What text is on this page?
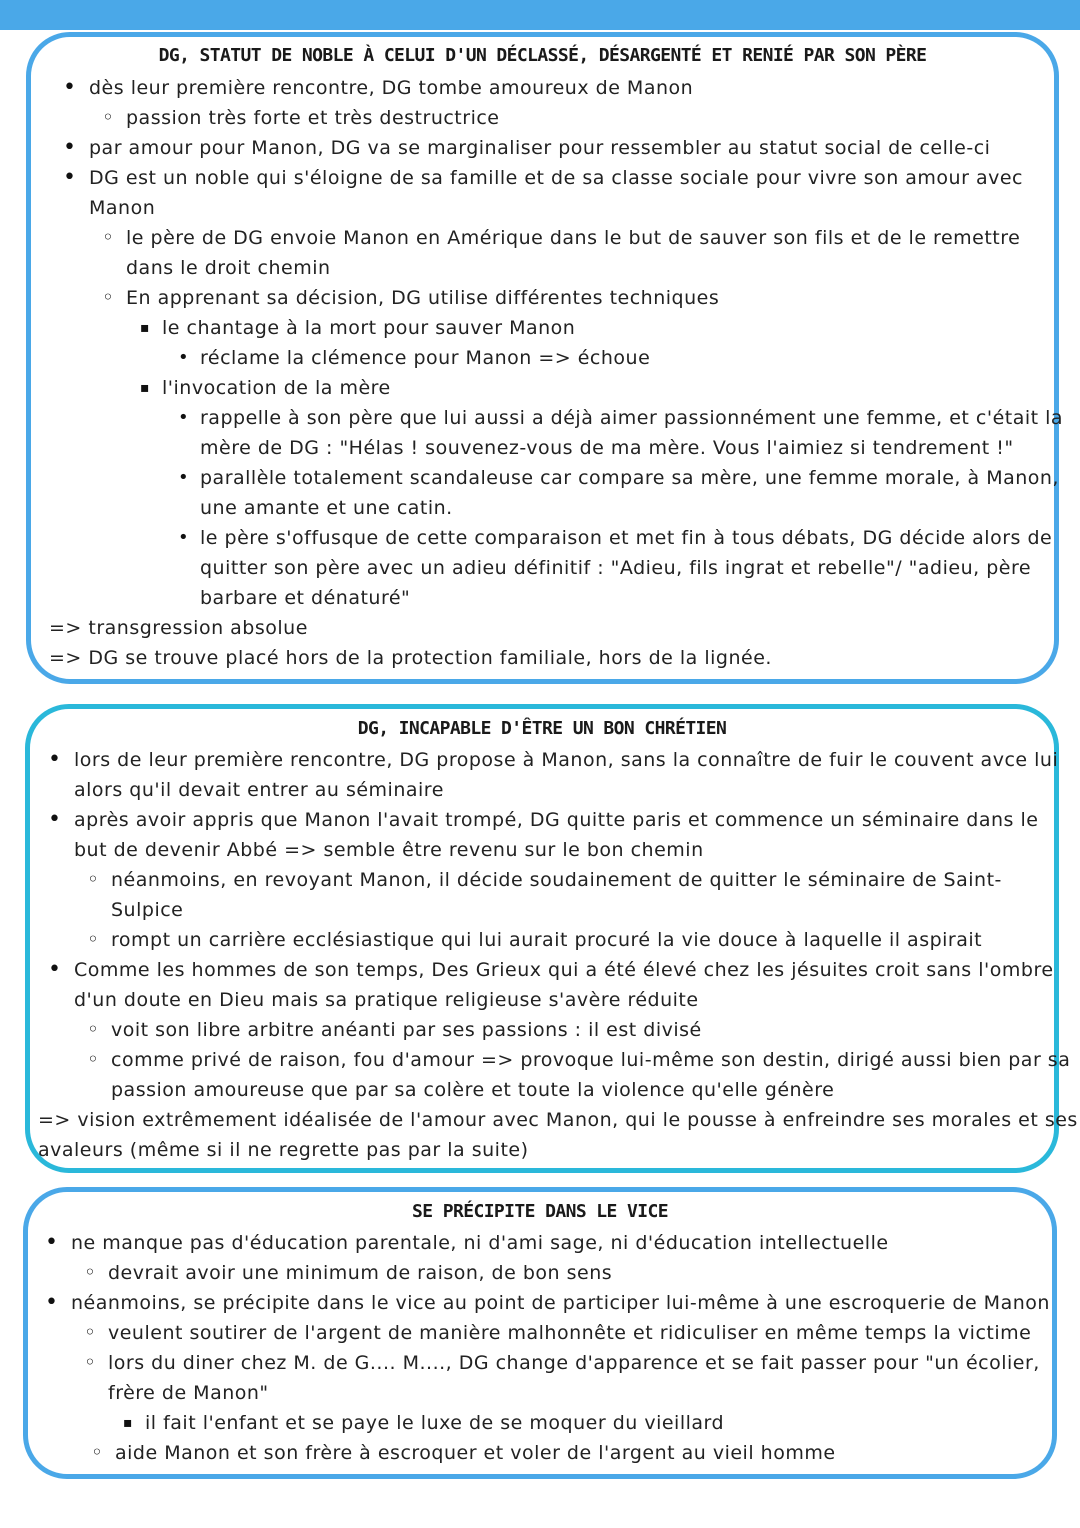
DG, STATUT DE NOBLE À CELUI D'UN DÉCLASSÉ, DÉSARGENTÉ ET RENIÉ PAR SON PÈRE
• dès leur première rencontre, DG tombe amoureux de Manon
◦ passion très forte et très destructrice
• par amour pour Manon, DG va se marginaliser pour ressembler au statut social de celle-ci
• DG est un noble qui s'éloigne de sa famille et de sa classe sociale pour vivre son amour avec
Manon
◦ le père de DG envoie Manon en Amérique dans le but de sauver son fils et de le remettre
dans le droit chemin
◦ En apprenant sa décision, DG utilise différentes techniques
▪ le chantage à la mort pour sauver Manon
• réclame la clémence pour Manon => échoue
▪ l'invocation de la mère
• rappelle à son père que lui aussi a déjà aimer passionnément une femme, et c'était la
mère de DG : "Hélas ! souvenez-vous de ma mère. Vous l'aimiez si tendrement !"
• parallèle totalement scandaleuse car compare sa mère, une femme morale, à Manon,
une amante et une catin.
• le père s'offusque de cette comparaison et met fin à tous débats, DG décide alors de
quitter son père avec un adieu définitif : "Adieu, fils ingrat et rebelle"/ "adieu, père
barbare et dénaturé"
=> transgression absolue
=> DG se trouve placé hors de la protection familiale, hors de la lignée.
DG, INCAPABLE D'ÊTRE UN BON CHRÉTIEN
• lors de leur première rencontre, DG propose à Manon, sans la connaître de fuir le couvent avce lui
alors qu'il devait entrer au séminaire
• après avoir appris que Manon l'avait trompé, DG quitte paris et commence un séminaire dans le
but de devenir Abbé => semble être revenu sur le bon chemin
◦ néanmoins, en revoyant Manon, il décide soudainement de quitter le séminaire de Saint-
Sulpice
◦ rompt un carrière ecclésiastique qui lui aurait procuré la vie douce à laquelle il aspirait
• Comme les hommes de son temps, Des Grieux qui a été élevé chez les jésuites croit sans l'ombre
d'un doute en Dieu mais sa pratique religieuse s'avère réduite
◦ voit son libre arbitre anéanti par ses passions : il est divisé
◦ comme privé de raison, fou d'amour => provoque lui-même son destin, dirigé aussi bien par sa
passion amoureuse que par sa colère et toute la violence qu'elle génère
=> vision extrêmement idéalisée de l'amour avec Manon, qui le pousse à enfreindre ses morales et ses
avaleurs (même si il ne regrette pas par la suite)
SE PRÉCIPITE DANS LE VICE
• ne manque pas d'éducation parentale, ni d'ami sage, ni d'éducation intellectuelle
◦ devrait avoir une minimum de raison, de bon sens
• néanmoins, se précipite dans le vice au point de participer lui-même à une escroquerie de Manon
◦ veulent soutirer de l'argent de manière malhonnête et ridiculiser en même temps la victime
◦ lors du diner chez M. de G.... M...., DG change d'apparence et se fait passer pour "un écolier,
frère de Manon"
▪ il fait l'enfant et se paye le luxe de se moquer du vieillard
◦ aide Manon et son frère à escroquer et voler de l'argent au vieil homme
